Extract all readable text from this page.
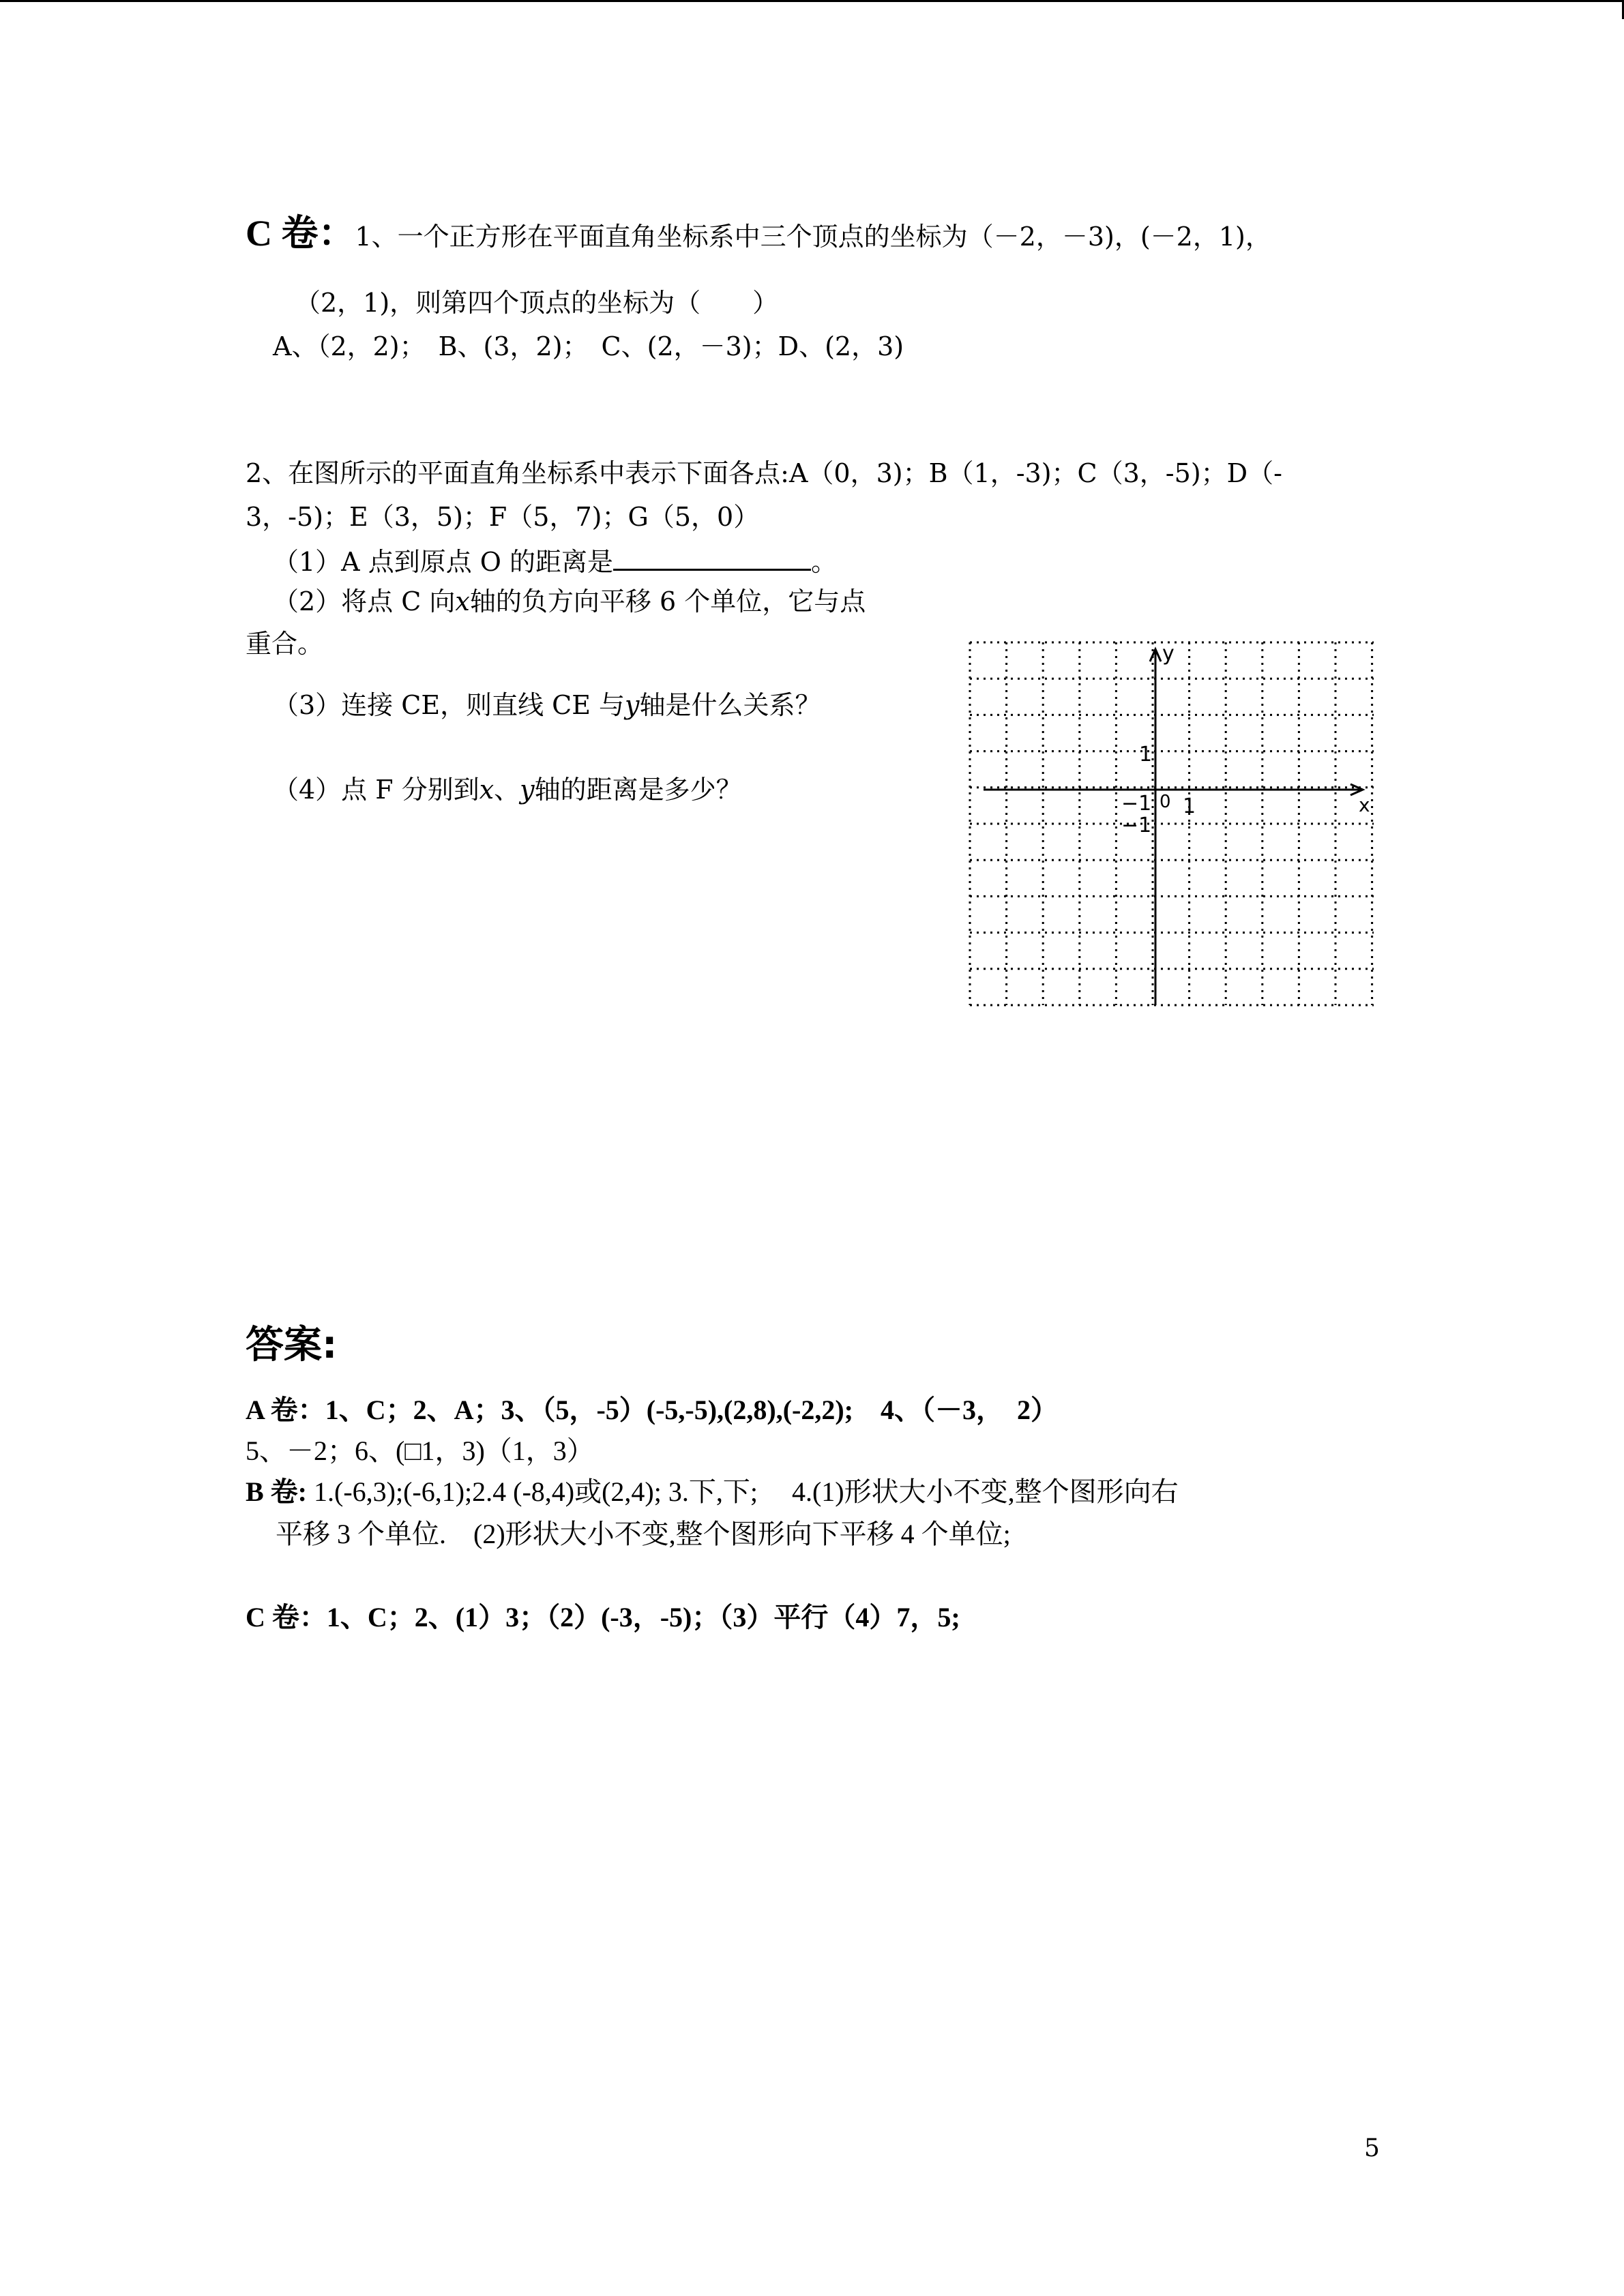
C 卷：1、一个正方形在平面直角坐标系中三个顶点的坐标为（－2，－3)，(－2，1)，
（2，1)，则第四个顶点的坐标为（　　）
A、（2，2)；　B、(3，2)；　C、(2，－3)；D、(2，3)
2、在图所示的平面直角坐标系中表示下面各点:A（0，3)；B（1，-3)；C（3，-5)；D（-
3，-5)；E（3，5)；F（5，7)；G（5，0）
（1）A 点到原点 O 的距离是	。
（2）将点 C 向x轴的负方向平移 6 个单位，它与点
重合。
（3）连接 CE，则直线 CE 与y轴是什么关系？
（4）点 F 分别到x、y轴的距离是多少？
y
x
1
−1 0 1
−1
答案:
A 卷：1、C；2、A；3、（5，-5）(-5,-5),(2,8),(-2,2);　4、（－3，　2）
5、－2；6、(□1，3)（1，3）
B 卷: 1.(-6,3);(-6,1);2.4 (-8,4)或(2,4); 3.下,下;　 4.(1)形状大小不变,整个图形向右
平移 3 个单位.　(2)形状大小不变,整个图形向下平移 4 个单位;
C 卷：1、C；2、(1）3；（2）(-3，-5)；（3）平行（4）7，5;
5
